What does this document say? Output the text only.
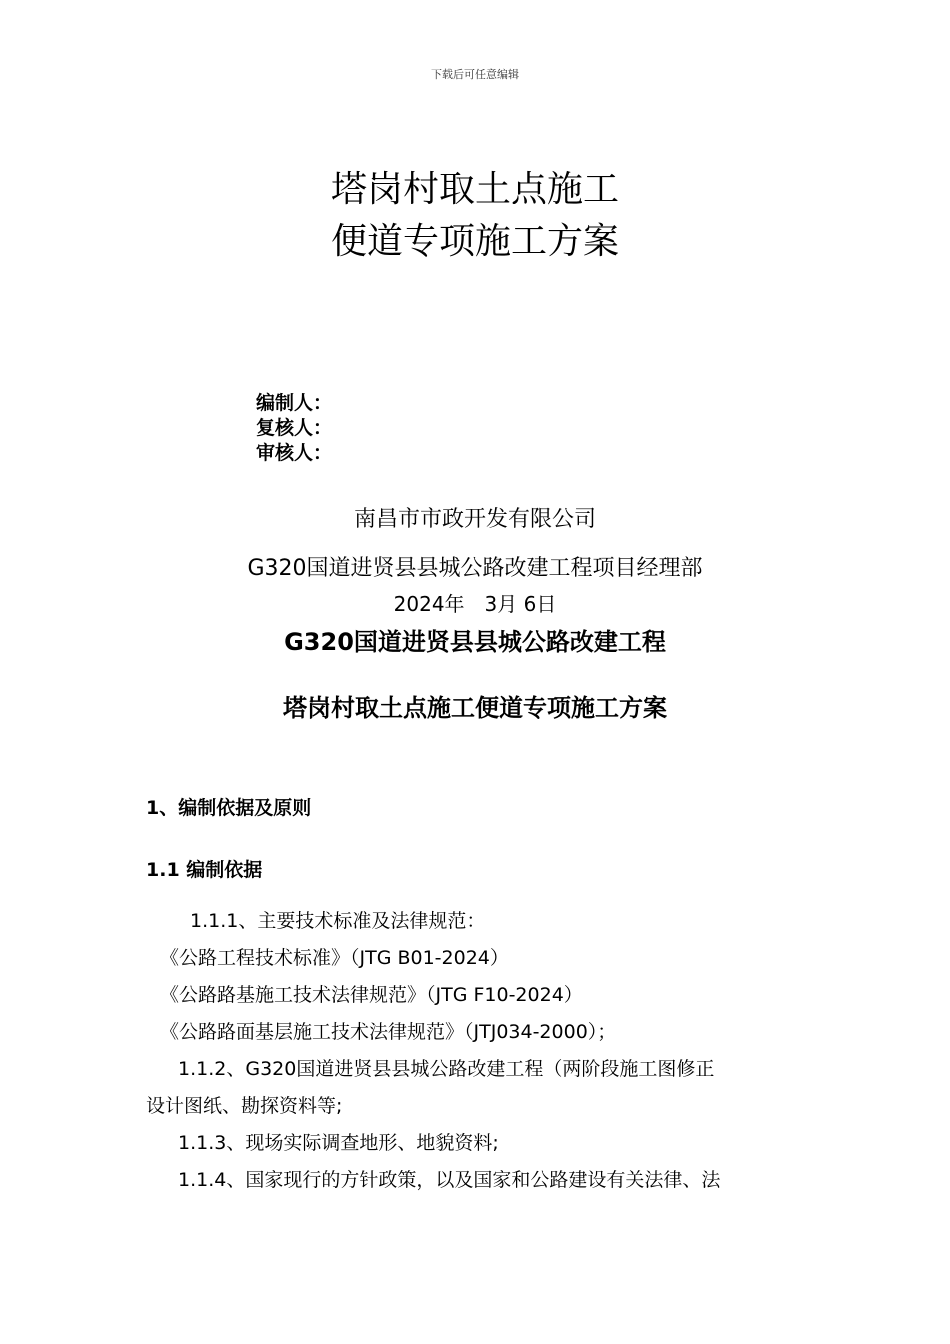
下载后可任意编辑
塔岗村取土点施工
便道专项施工方案
编制人：
复核人：
审核人：
南昌市市政开发有限公司
G320国道进贤县县城公路改建工程项目经理部
2024年　3月 6日
G320国道进贤县县城公路改建工程
塔岗村取土点施工便道专项施工方案
1、编制依据及原则
1.1 编制依据
1.1.1、主要技术标准及法律规范：
《公路工程技术标准》（JTG B01-2024）
《公路路基施工技术法律规范》（JTG F10-2024）
《公路路面基层施工技术法律规范》（JTJ034-2000）；
1.1.2、G320国道进贤县县城公路改建工程（两阶段施工图修正
设计图纸、勘探资料等;
1.1.3、现场实际调查地形、地貌资料;
1.1.4、国家现行的方针政策，以及国家和公路建设有关法律、法
